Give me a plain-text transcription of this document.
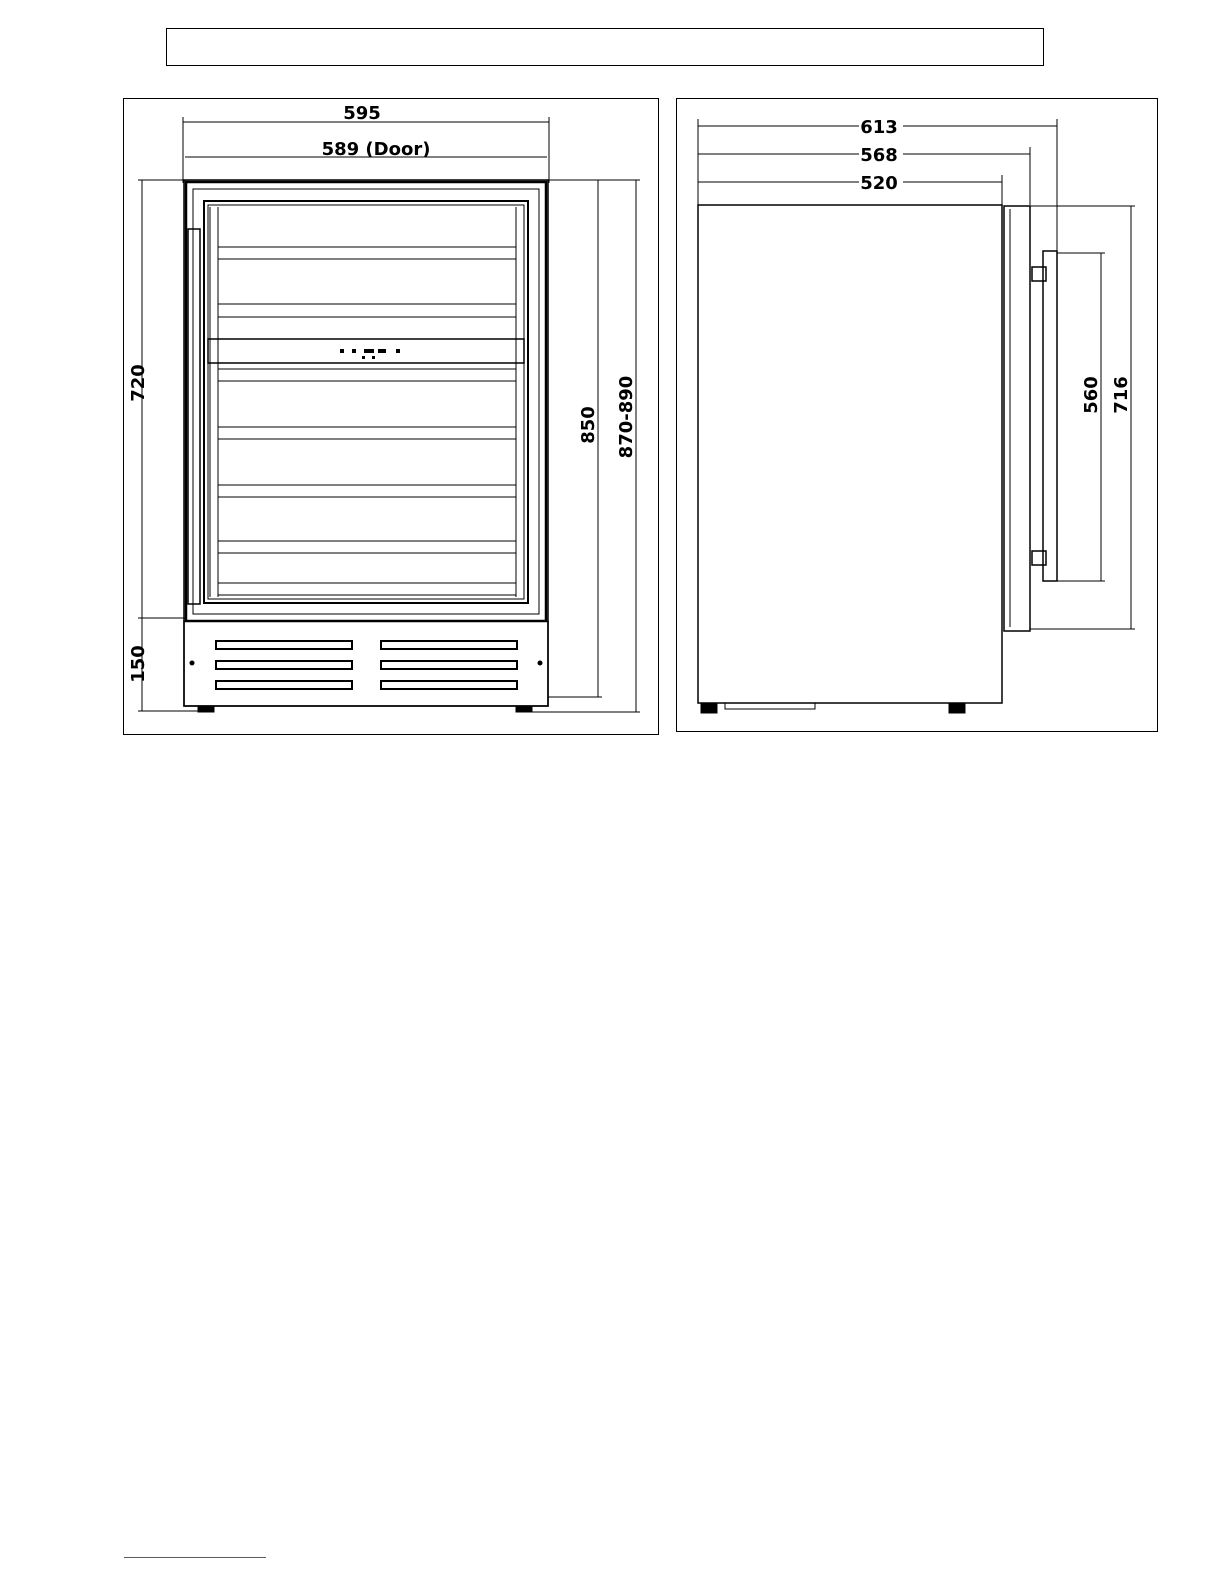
595
589 (Door)
720
150
850 870-890
613
568
520
560 716
